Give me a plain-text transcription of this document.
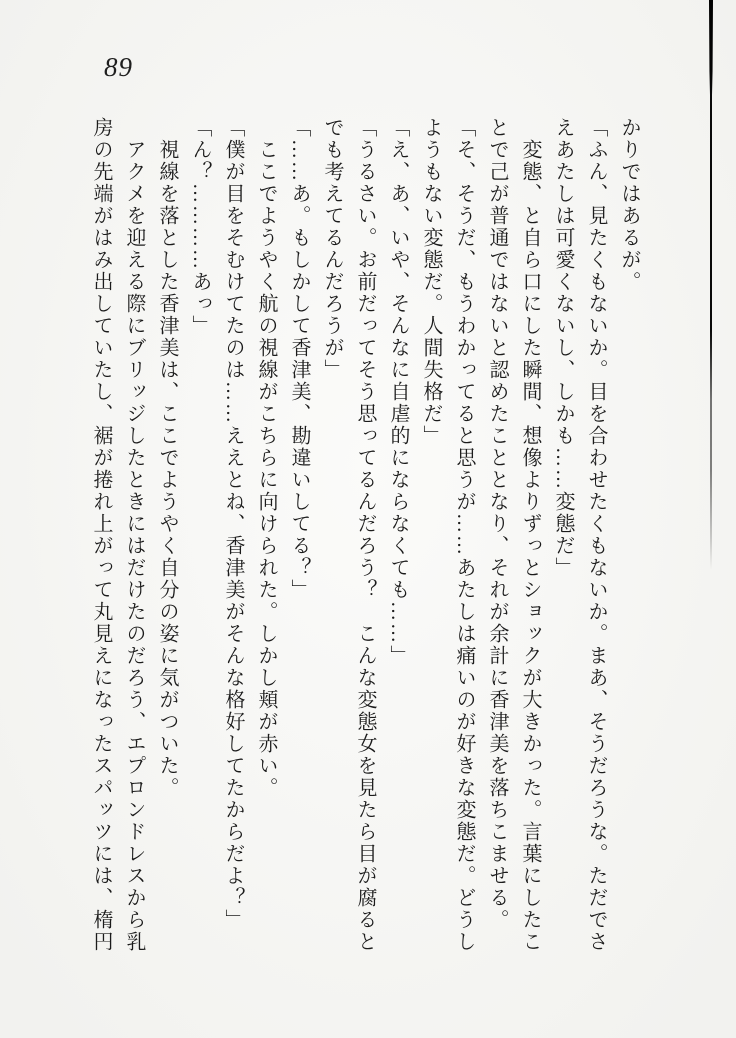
89

かりではあるが。

「ふん、見たくもないか。目を合わせたくもないか。まあ、そうだろうな。ただでさえあたしは可愛くないし、しかも……変態だ」

　変態、と自ら口にした瞬間、想像よりずっとショックが大きかった。言葉にしたことで己が普通ではないと認めたこととなり、それが余計に香津美を落ちこませる。

「そ、そうだ、もうわかってると思うが……あたしは痛いのが好きな変態だ。どうしようもない変態だ。人間失格だ」

「え、あ、いや、そんなに自虐的にならなくても……」

「うるさい。お前だってそう思ってるんだろう？　こんな変態女を見たら目が腐るとでも考えてるんだろうが」

「……あ。もしかして香津美、勘違いしてる？」

　ここでようやく航の視線がこちらに向けられた。しかし頬が赤い。

「僕が目をそむけてたのは……ええとね、香津美がそんな格好してたからだよ？」

「ん？…………あっ」

　視線を落とした香津美は、ここでようやく自分の姿に気がついた。

　アクメを迎える際にブリッジしたときにはだけたのだろう、エプロンドレスから乳房の先端がはみ出していたし、裾が捲れ上がって丸見えになったスパッツには、楕円
